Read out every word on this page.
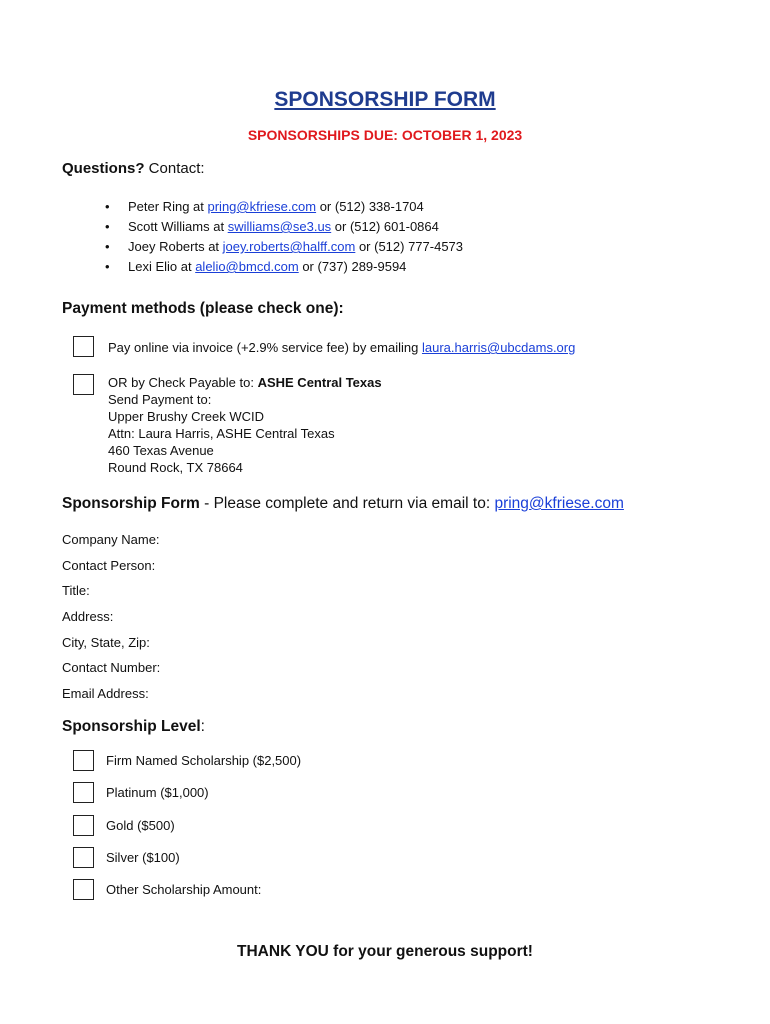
SPONSORSHIP FORM
SPONSORSHIPS DUE: OCTOBER 1, 2023
Questions? Contact:
• Peter Ring at pring@kfriese.com or (512) 338-1704
• Scott Williams at swilliams@se3.us or (512) 601-0864
• Joey Roberts at joey.roberts@halff.com or (512) 777-4573
• Lexi Elio at alelio@bmcd.com or (737) 289-9594
Payment methods (please check one):
Pay online via invoice (+2.9% service fee) by emailing laura.harris@ubcdams.org
OR by Check Payable to: ASHE Central Texas
Send Payment to:
Upper Brushy Creek WCID
Attn: Laura Harris, ASHE Central Texas
460 Texas Avenue
Round Rock, TX 78664
Sponsorship Form - Please complete and return via email to: pring@kfriese.com
Company Name:
Contact Person:
Title:
Address:
City, State, Zip:
Contact Number:
Email Address:
Sponsorship Level:
Firm Named Scholarship ($2,500)
Platinum ($1,000)
Gold ($500)
Silver ($100)
Other Scholarship Amount:
THANK YOU for your generous support!
